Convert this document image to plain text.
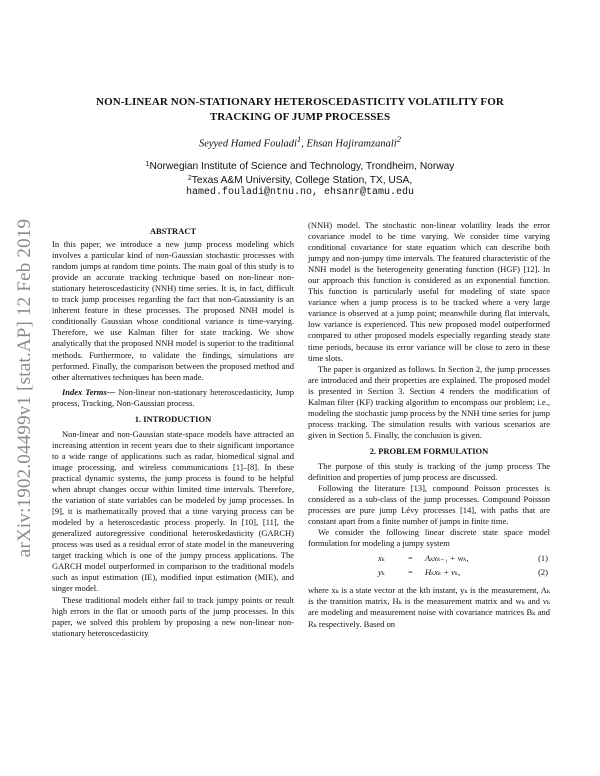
arXiv:1902.04499v1 [stat.AP] 12 Feb 2019
NON-LINEAR NON-STATIONARY HETEROSCEDASTICITY VOLATILITY FOR
TRACKING OF JUMP PROCESSES
Seyyed Hamed Fouladi$^1$, Ehsan Hajiramzanali$^2$
$^1$Norwegian Institute of Science and Technology, Trondheim, Norway
$^2$Texas A&M University, College Station, TX, USA,
hamed.fouladi@ntnu.no, ehsanr@tamu.edu
ABSTRACT

In this paper, we introduce a new jump process modeling which involves a particular kind of non-Gaussian stochastic processes with random jumps at random time points. The main goal of this study is to provide an accurate tracking technique based on non-linear non-stationary heteroscedasticity (NNH) time series. It is, in fact, difficult to track jump processes regarding the fact that non-Gaussianity is an inherent feature in these processes. The proposed NNH model is conditionally Gaussian whose conditional variance is time-varying. Therefore, we use Kalman filter for state tracking. We show analytically that the proposed NNH model is superior to the traditional methods. Furthermore, to validate the findings, simulations are performed. Finally, the comparison between the proposed method and other alternatives techniques has been made.

Index Terms— Non-linear non-stationary heteroscedasticity, Jump process, Tracking, Non-Gaussian process.

1. INTRODUCTION

Non-linear and non-Gaussian state-space models have attracted an increasing attention in recent years due to their significant importance to a wide range of applications such as radar, biomedical signal and image processing, and wireless communications [1]–[8]. In these practical dynamic systems, the jump process is found to be helpful when abrupt changes occur within limited time intervals. Therefore, the variation of state variables can be modeled by jump processes. In [9], it is mathematically proved that a time varying process can be modeled by a heteroscedastic process properly. In [10], [11], the generalized autoregressive conditional heteroskedasticity (GARCH) process was used as a residual error of state model in the maneuvering target tracking which is one of the jumpy process applications. The GARCH model outperformed in comparison to the traditional models such as input estimation (IE), modified input estimation (MIE), and singer model.

These traditional models either fail to track jumpy points or result high errors in the flat or smooth parts of the jump processes. In this paper, we solved this problem by proposing a new non-linear non-stationary heteroscedasticity

(NNH) model. The stochastic non-linear volatility leads the error covariance model to be time varying. We consider time varying conditional covariance for state equation which can describe both jumpy and non-jumpy time intervals. The featured characteristic of the NNH model is the heterogeneity generating function (HGF) [12]. In our approach this function is considered as an exponential function. This function is particularly useful for modeling of state space variance when a jump process is to be tracked where a very large variance is observed at a jump point; meanwhile during flat intervals, low variance is experienced. This new proposed model outperformed compared to other proposed models especially regarding steady state time periods, because its error variance will be close to zero in these time slots.

The paper is organized as follows. In Section 2, the jump processes are introduced and their properties are explained. The proposed model is presented in Section 3. Section 4 renders the modification of Kalman filter (KF) tracking algorithm to encompass our problem; i.e., modeling the stochastic jump process by the NNH time series for jump process tracking. The simulation results with various scenarios are given in Section 5. Finally, the conclusion is given.

2. PROBLEM FORMULATION

The purpose of this study is tracking of the jump process The definition and properties of jump process are discussed.

Following the literature [13], compound Poisson processes is considered as a sub-class of the jump processes. Compound Poisson processes are pure jump Lévy processes [14], with paths that are constant apart from a finite number of jumps in finite time.

We consider the following linear discrete state space model formulation for modeling a jumpy system

xₖ	= Aₖxₖ₋₁ + wₖ,	(1)
yₖ	= Hₖxₖ + νₖ,	(2)

where xₖ is a state vector at the kth instant, yₖ is the measurement, Aₖ is the transition matrix, Hₖ is the measurement matrix and wₖ and νₖ are modeling and measurement noise with covariance matrices Bₖ and Rₖ respectively. Based on
